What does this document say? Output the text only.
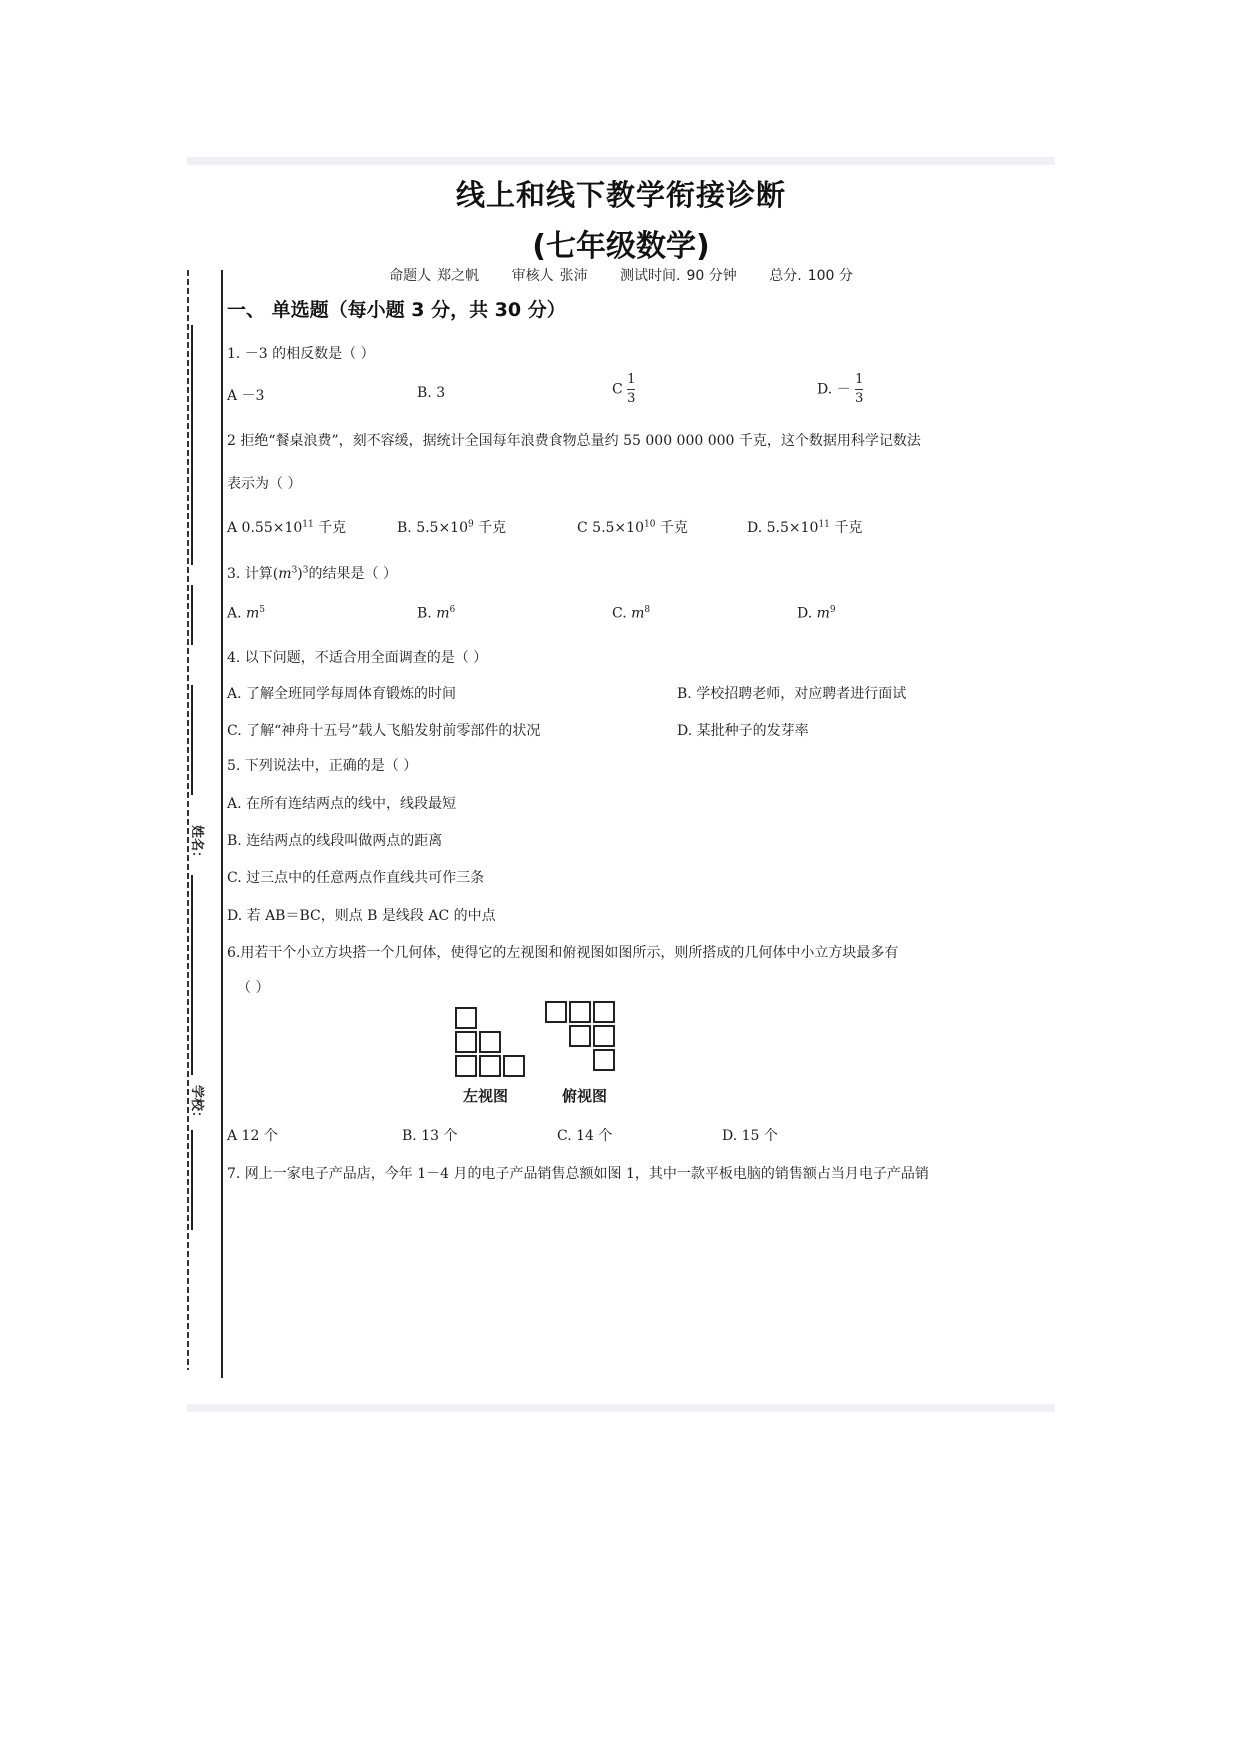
线上和线下教学衔接诊断
(七年级数学)
命题人 郑之帆 审核人 张沛 测试时间. 90 分钟 总分. 100 分
姓名：
学校：
一、 单选题（每小题 3 分，共 30 分）
1. －3 的相反数是（ ）
A －3	B. 3	C $\frac{1}{3}$	D. － $\frac{1}{3}$
2 拒绝“餐桌浪费”，刻不容缓，据统计全国每年浪费食物总量约 55 000 000 000 千克，这个数据用科学记数法
表示为（ ）
A $0.55\times 10^{11}$ 千克	B. $5.5\times 10^9$ 千克	C $5.5\times 10^{10}$ 千克	D. $5.5\times 10^{11}$ 千克
3. 计算$(m^3)^3$的结果是（ ）
A. $m^5$	B. $m^6$	C. $m^8$	D. $m^9$
4. 以下问题，不适合用全面调查的是（ ）
A. 了解全班同学每周体育锻炼的时间	B. 学校招聘老师，对应聘者进行面试
C. 了解“神舟十五号”载人飞船发射前零部件的状况	D. 某批种子的发芽率
5. 下列说法中，正确的是（ ）
A. 在所有连结两点的线中，线段最短
B. 连结两点的线段叫做两点的距离
C. 过三点中的任意两点作直线共可作三条
D. 若 AB＝BC，则点 B 是线段 AC 的中点
6.用若干个小立方块搭一个几何体，使得它的左视图和俯视图如图所示，则所搭成的几何体中小立方块最多有
（ ）
左视图	俯视图
A 12 个	B. 13 个	C. 14 个	D. 15 个
7. 网上一家电子产品店，今年 1－4 月的电子产品销售总额如图 1，其中一款平板电脑的销售额占当月电子产品销
